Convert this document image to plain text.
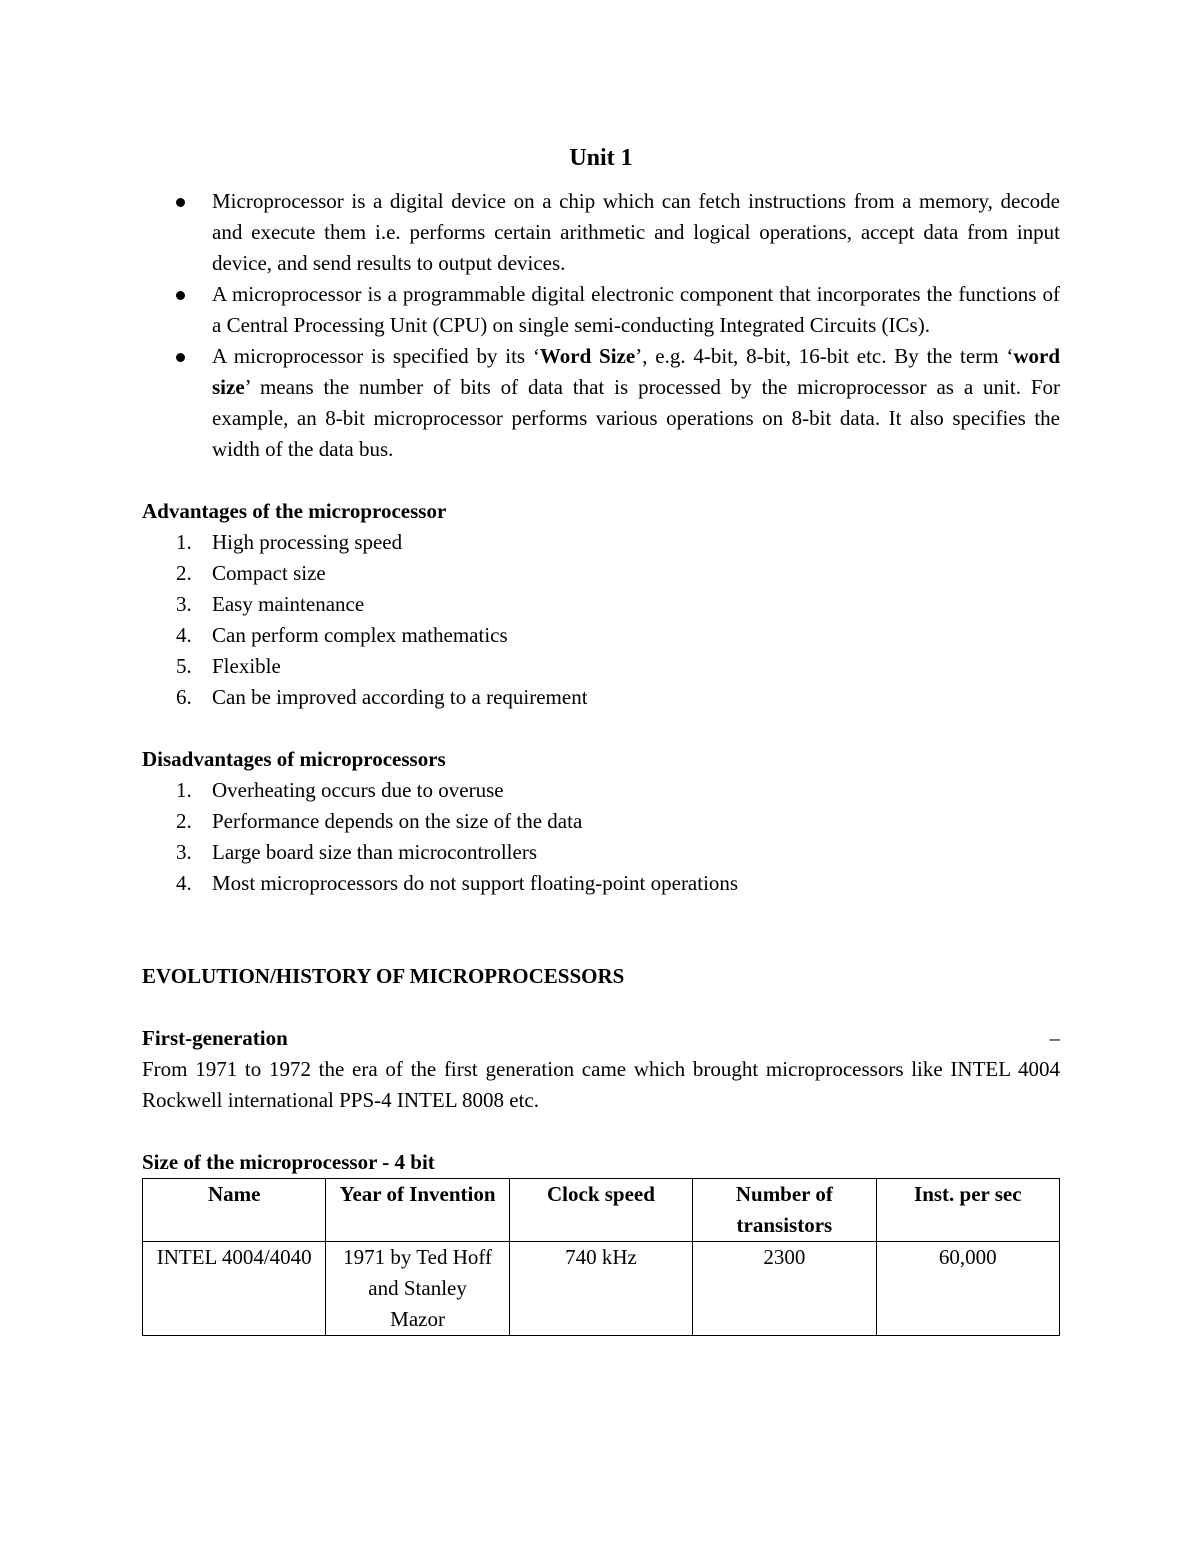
Unit 1
Microprocessor is a digital device on a chip which can fetch instructions from a memory, decode and execute them i.e. performs certain arithmetic and logical operations, accept data from input device, and send results to output devices.
A microprocessor is a programmable digital electronic component that incorporates the functions of a Central Processing Unit (CPU) on single semi-conducting Integrated Circuits (ICs).
A microprocessor is specified by its ‘Word Size’, e.g. 4-bit, 8-bit, 16-bit etc. By the term ‘word size’ means the number of bits of data that is processed by the microprocessor as a unit. For example, an 8-bit microprocessor performs various operations on 8-bit data. It also specifies the width of the data bus.
Advantages of the microprocessor
1. High processing speed
2. Compact size
3. Easy maintenance
4. Can perform complex mathematics
5. Flexible
6. Can be improved according to a requirement
Disadvantages of microprocessors
1. Overheating occurs due to overuse
2. Performance depends on the size of the data
3. Large board size than microcontrollers
4. Most microprocessors do not support floating-point operations
EVOLUTION/HISTORY OF MICROPROCESSORS
First-generation	–
From 1971 to 1972 the era of the first generation came which brought microprocessors like INTEL 4004 Rockwell international PPS-4 INTEL 8008 etc.
Size of the microprocessor - 4 bit
Name	Year of Invention	Clock speed	Number of transistors	Inst. per sec
INTEL 4004/4040	1971 by Ted Hoff and Stanley Mazor	740 kHz	2300	60,000
